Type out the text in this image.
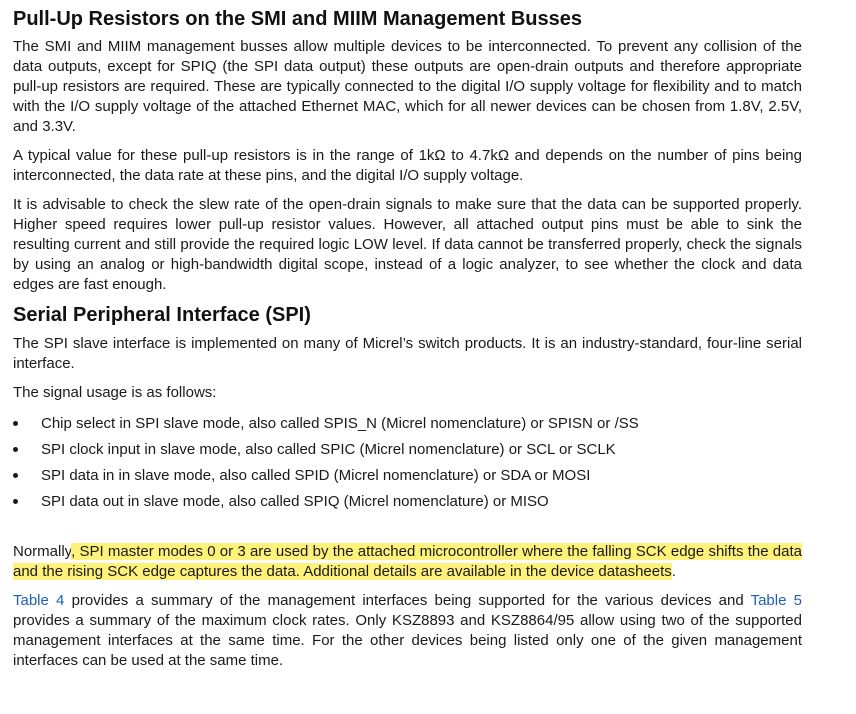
Pull-Up Resistors on the SMI and MIIM Management Busses

The SMI and MIIM management busses allow multiple devices to be interconnected. To prevent any collision of the data outputs, except for SPIQ (the SPI data output) these outputs are open-drain outputs and therefore appropriate pull-up resistors are required. These are typically connected to the digital I/O supply voltage for flexibility and to match with the I/O supply voltage of the attached Ethernet MAC, which for all newer devices can be chosen from 1.8V, 2.5V, and 3.3V.

A typical value for these pull-up resistors is in the range of 1kΩ to 4.7kΩ and depends on the number of pins being interconnected, the data rate at these pins, and the digital I/O supply voltage.

It is advisable to check the slew rate of the open-drain signals to make sure that the data can be supported properly. Higher speed requires lower pull-up resistor values. However, all attached output pins must be able to sink the resulting current and still provide the required logic LOW level. If data cannot be transferred properly, check the signals by using an analog or high-bandwidth digital scope, instead of a logic analyzer, to see whether the clock and data edges are fast enough.

Serial Peripheral Interface (SPI)

The SPI slave interface is implemented on many of Micrel’s switch products. It is an industry-standard, four-line serial interface.

The signal usage is as follows:

Chip select in SPI slave mode, also called SPIS_N (Micrel nomenclature) or SPISN or /SS
SPI clock input in slave mode, also called SPIC (Micrel nomenclature) or SCL or SCLK
SPI data in in slave mode, also called SPID (Micrel nomenclature) or SDA or MOSI
SPI data out in slave mode, also called SPIQ (Micrel nomenclature) or MISO

Normally, SPI master modes 0 or 3 are used by the attached microcontroller where the falling SCK edge shifts the data and the rising SCK edge captures the data. Additional details are available in the device datasheets.

Table 4 provides a summary of the management interfaces being supported for the various devices and Table 5 provides a summary of the maximum clock rates. Only KSZ8893 and KSZ8864/95 allow using two of the supported management interfaces at the same time. For the other devices being listed only one of the given management interfaces can be used at the same time.
